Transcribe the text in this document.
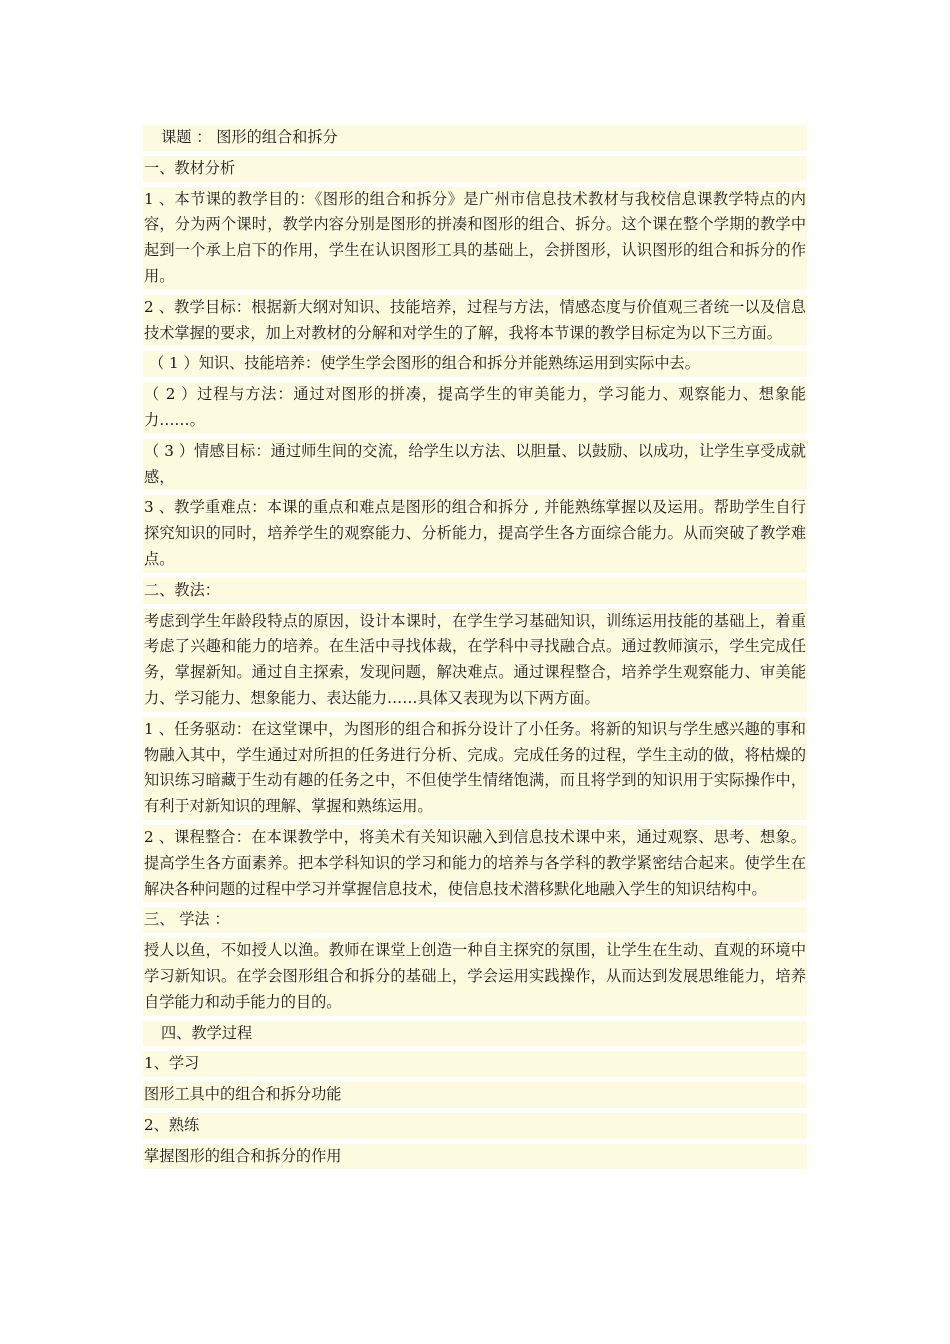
课题 ： 图形的组合和拆分

一、教材分析

1 、本节课的教学目的：《图形的组合和拆分》是广州市信息技术教材与我校信息课教学特点的内容，分为两个课时，教学内容分别是图形的拼凑和图形的组合、拆分。这个课在整个学期的教学中起到一个承上启下的作用，学生在认识图形工具的基础上，会拼图形，认识图形的组合和拆分的作用。

2 、教学目标：根据新大纲对知识、技能培养，过程与方法，情感态度与价值观三者统一以及信息技术掌握的要求，加上对教材的分解和对学生的了解，我将本节课的教学目标定为以下三方面。

（ 1 ）知识、技能培养：使学生学会图形的组合和拆分并能熟练运用到实际中去。

（ 2 ）过程与方法：通过对图形的拼凑，提高学生的审美能力，学习能力、观察能力、想象能力……。

（ 3 ）情感目标：通过师生间的交流，给学生以方法、以胆量、以鼓励、以成功，让学生享受成就感，

3 、教学重难点：本课的重点和难点是图形的组合和拆分 , 并能熟练掌握以及运用。帮助学生自行探究知识的同时，培养学生的观察能力、分析能力，提高学生各方面综合能力。从而突破了教学难点。

二、教法：

考虑到学生年龄段特点的原因，设计本课时，在学生学习基础知识，训练运用技能的基础上，着重考虑了兴趣和能力的培养。在生活中寻找体裁，在学科中寻找融合点。通过教师演示，学生完成任务，掌握新知。通过自主探索，发现问题，解决难点。通过课程整合，培养学生观察能力、审美能力、学习能力、想象能力、表达能力……具体又表现为以下两方面。

1 、任务驱动：在这堂课中，为图形的组合和拆分设计了小任务。将新的知识与学生感兴趣的事和物融入其中，学生通过对所担的任务进行分析、完成。完成任务的过程，学生主动的做，将枯燥的知识练习暗藏于生动有趣的任务之中，不但使学生情绪饱满，而且将学到的知识用于实际操作中，有利于对新知识的理解、掌握和熟练运用。

2 、课程整合：在本课教学中，将美术有关知识融入到信息技术课中来，通过观察、思考、想象。提高学生各方面素养。把本学科知识的学习和能力的培养与各学科的教学紧密结合起来。使学生在解决各种问题的过程中学习并掌握信息技术，使信息技术潜移默化地融入学生的知识结构中。

三、 学法 ：

授人以鱼，不如授人以渔。教师在课堂上创造一种自主探究的氛围，让学生在生动、直观的环境中学习新知识。在学会图形组合和拆分的基础上，学会运用实践操作，从而达到发展思维能力，培养自学能力和动手能力的目的。

四、教学过程

1、学习

图形工具中的组合和拆分功能

2、熟练

掌握图形的组合和拆分的作用
